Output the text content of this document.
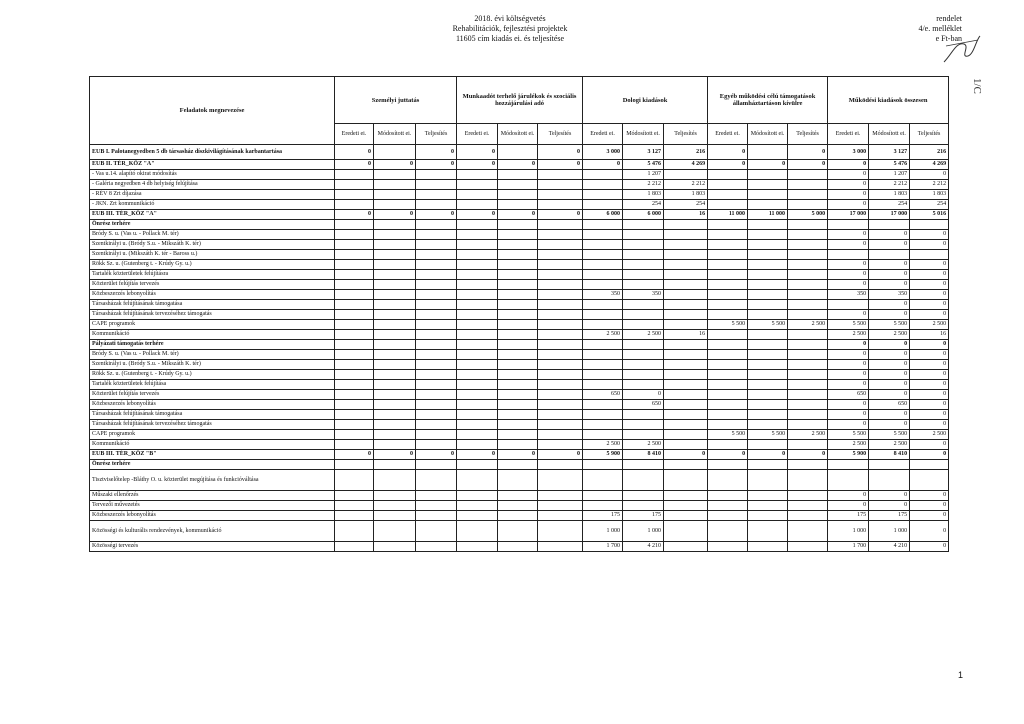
2018. évi költségvetés
Rehabilitációk, fejlesztési projektek
11605 cím kiadás ei. és teljesítése
rendelet
4/e. melléklet
e Ft-ban
1/C
Feladatok megnevezése	Személyi juttatás			Munkaadót terhelő járulékok és szociális hozzájárulási adó			Dologi kiadások			Egyéb működési célú támogatások államháztartáson kívülre			Működési kiadások összesen		
	Eredeti ei.	Módosított ei.	Teljesítés	Eredeti ei.	Módosított ei.	Teljesítés	Eredeti ei.	Módosított ei.	Teljesítés	Eredeti ei.	Módosított ei.	Teljesítés	Eredeti ei.	Módosított ei.	Teljesítés
EUB I. Palotanegyedben 5 db társasház díszkivilágításának karbantartása	0		0	0		0	3 000	3 127	216	0		0	3 000	3 127	216
EUB II. TÉR_KÖZ "A"	0	0	0	0	0	0	0	5 476	4 269	0	0	0	0	5 476	4 269
- Vas u.14. alapító okirat módosítás								1 207					0	1 207	0
- Galéria negyedben 4 db helyiség felújítása								2 212	2 212				0	2 212	2 212
- RÉV 8 Zrt díjazása								1 803	1 803				0	1 803	1 803
- JKN. Zrt kommunikáció								254	254				0	254	254
EUB III. TÉR_KÖZ "A"	0	0	0	0	0	0	6 000	6 000	16	11 000	11 000	5 000	17 000	17 000	5 016
Önrész terhére															
Bródy S. u. (Vas u. - Pollack M. tér)													0	0	0
Szentkirályi u. (Bródy S.u. - Mikszáth K. tér)													0	0	0
Szentkirályi u. (Mikszáth K. tér - Baross u.)															
Rökk Sz. u. (Gutenberg t. - Krúdy Gy. u.)													0	0	0
Tartalék közterületek felújításra													0	0	0
Közterület felújítás tervezés													0	0	0
Közbeszerzés lebonyolítás							350	350					350	350	0
Társasházak felújításának támogatása														0	0
Társasházak felújításának tervezéséhez támogatás													0	0	0
CAPE programok										5 500	5 500	2 500	5 500	5 500	2 500
Kommunikáció							2 500	2 500	16				2 500	2 500	16
Pályázati támogatás terhére													0	0	0
Bródy S. u. (Vas u. - Pollack M. tér)													0	0	0
Szentkirályi u. (Bródy S.u. - Mikszáth K. tér)													0	0	0
Rökk Sz. u. (Gutenberg t. - Krúdy Gy. u.)													0	0	0
Tartalék közterületek felújítása													0	0	0
Közterület felújítás tervezés							650	0					650	0	0
Közbeszerzés lebonyolítás								650					0	650	0
Társasházak felújításának támogatása													0	0	0
Társasházak felújításának tervezéséhez támogatás													0	0	0
CAPE programok										5 500	5 500	2 500	5 500	5 500	2 500
Kommunikáció							2 500	2 500					2 500	2 500	0
EUB III. TÉR_KÖZ "B"	0	0	0	0	0	0	5 900	8 410	0	0	0	0	5 900	8 410	0
Önrész terhére															
Tisztviselőtelep -Bláthy O. u. közterület megújítása és funkcióváltása															
Műszaki ellenőrzés													0	0	0
Tervezői művezetés													0	0	0
Közbeszerzés lebonyolítás							175	175					175	175	0
Közösségi és kulturális rendezvények, kommunikáció							1 000	1 000					1 000	1 000	0
Közösségi tervezés							1 700	4 210					1 700	4 210	0
1
